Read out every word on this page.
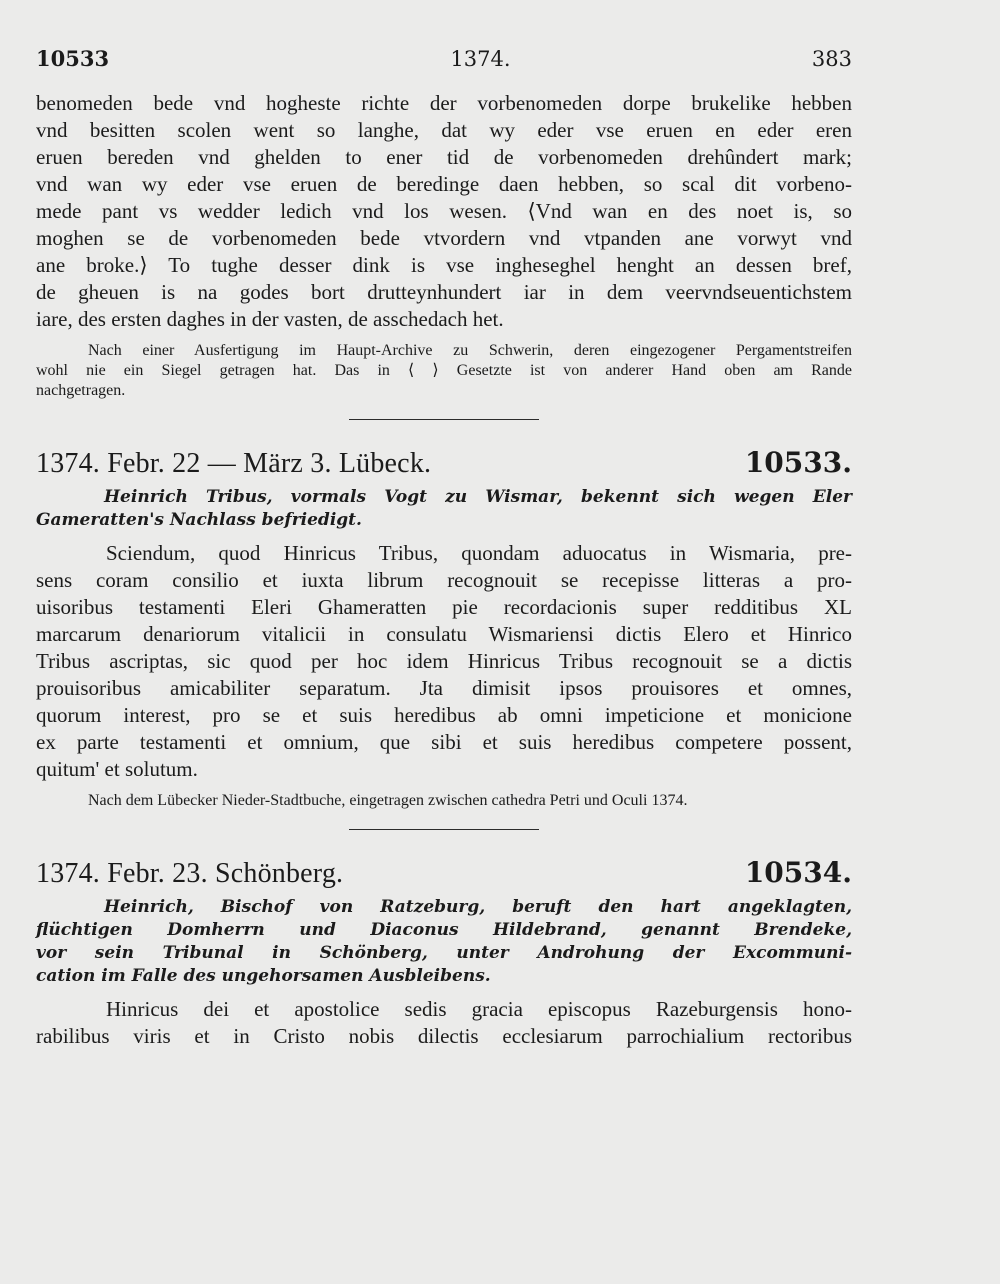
10533	1374.	383

benomeden bede vnd hogheste richte der vorbenomeden dorpe brukelike hebben
vnd besitten scolen went so langhe, dat wy eder vse eruen en eder eren
eruen bereden vnd ghelden to ener tid de vorbenomeden drehûndert mark;
vnd wan wy eder vse eruen de beredinge daen hebben, so scal dit vorbeno-
mede pant vs wedder ledich vnd los wesen. ⟨Vnd wan en des noet is, so
moghen se de vorbenomeden bede vtvordern vnd vtpanden ane vorwyt vnd
ane broke.⟩ To tughe desser dink is vse ingheseghel henght an dessen bref,
de gheuen is na godes bort drutteynhundert iar in dem veervndseuentichstem
iare, des ersten daghes in der vasten, de asschedach het.

Nach einer Ausfertigung im Haupt-Archive zu Schwerin, deren eingezogener Pergamentstreifen
wohl nie ein Siegel getragen hat. Das in ⟨ ⟩ Gesetzte ist von anderer Hand oben am Rande
nachgetragen.
1374. Febr. 22 — März 3. Lübeck.	10533.
Heinrich Tribus, vormals Vogt zu Wismar, bekennt sich wegen Eler
Gameratten's Nachlass befriedigt.

Sciendum, quod Hinricus Tribus, quondam aduocatus in Wismaria, pre-
sens coram consilio et iuxta librum recognouit se recepisse litteras a pro-
uisoribus testamenti Eleri Ghameratten pie recordacionis super redditibus XL
marcarum denariorum vitalicii in consulatu Wismariensi dictis Elero et Hinrico
Tribus ascriptas, sic quod per hoc idem Hinricus Tribus recognouit se a dictis
prouisoribus amicabiliter separatum. Jta dimisit ipsos prouisores et omnes,
quorum interest, pro se et suis heredibus ab omni impeticione et monicione
ex parte testamenti et omnium, que sibi et suis heredibus competere possent,
quitum' et solutum.

Nach dem Lübecker Nieder-Stadtbuche, eingetragen zwischen cathedra Petri und Oculi 1374.
1374. Febr. 23. Schönberg.	10534.
Heinrich, Bischof von Ratzeburg, beruft den hart angeklagten,
flüchtigen Domherrn und Diaconus Hildebrand, genannt Brendeke,
vor sein Tribunal in Schönberg, unter Androhung der Excommuni-
cation im Falle des ungehorsamen Ausbleibens.

Hinricus dei et apostolice sedis gracia episcopus Razeburgensis hono-
rabilibus viris et in Cristo nobis dilectis ecclesiarum parrochialium rectoribus
